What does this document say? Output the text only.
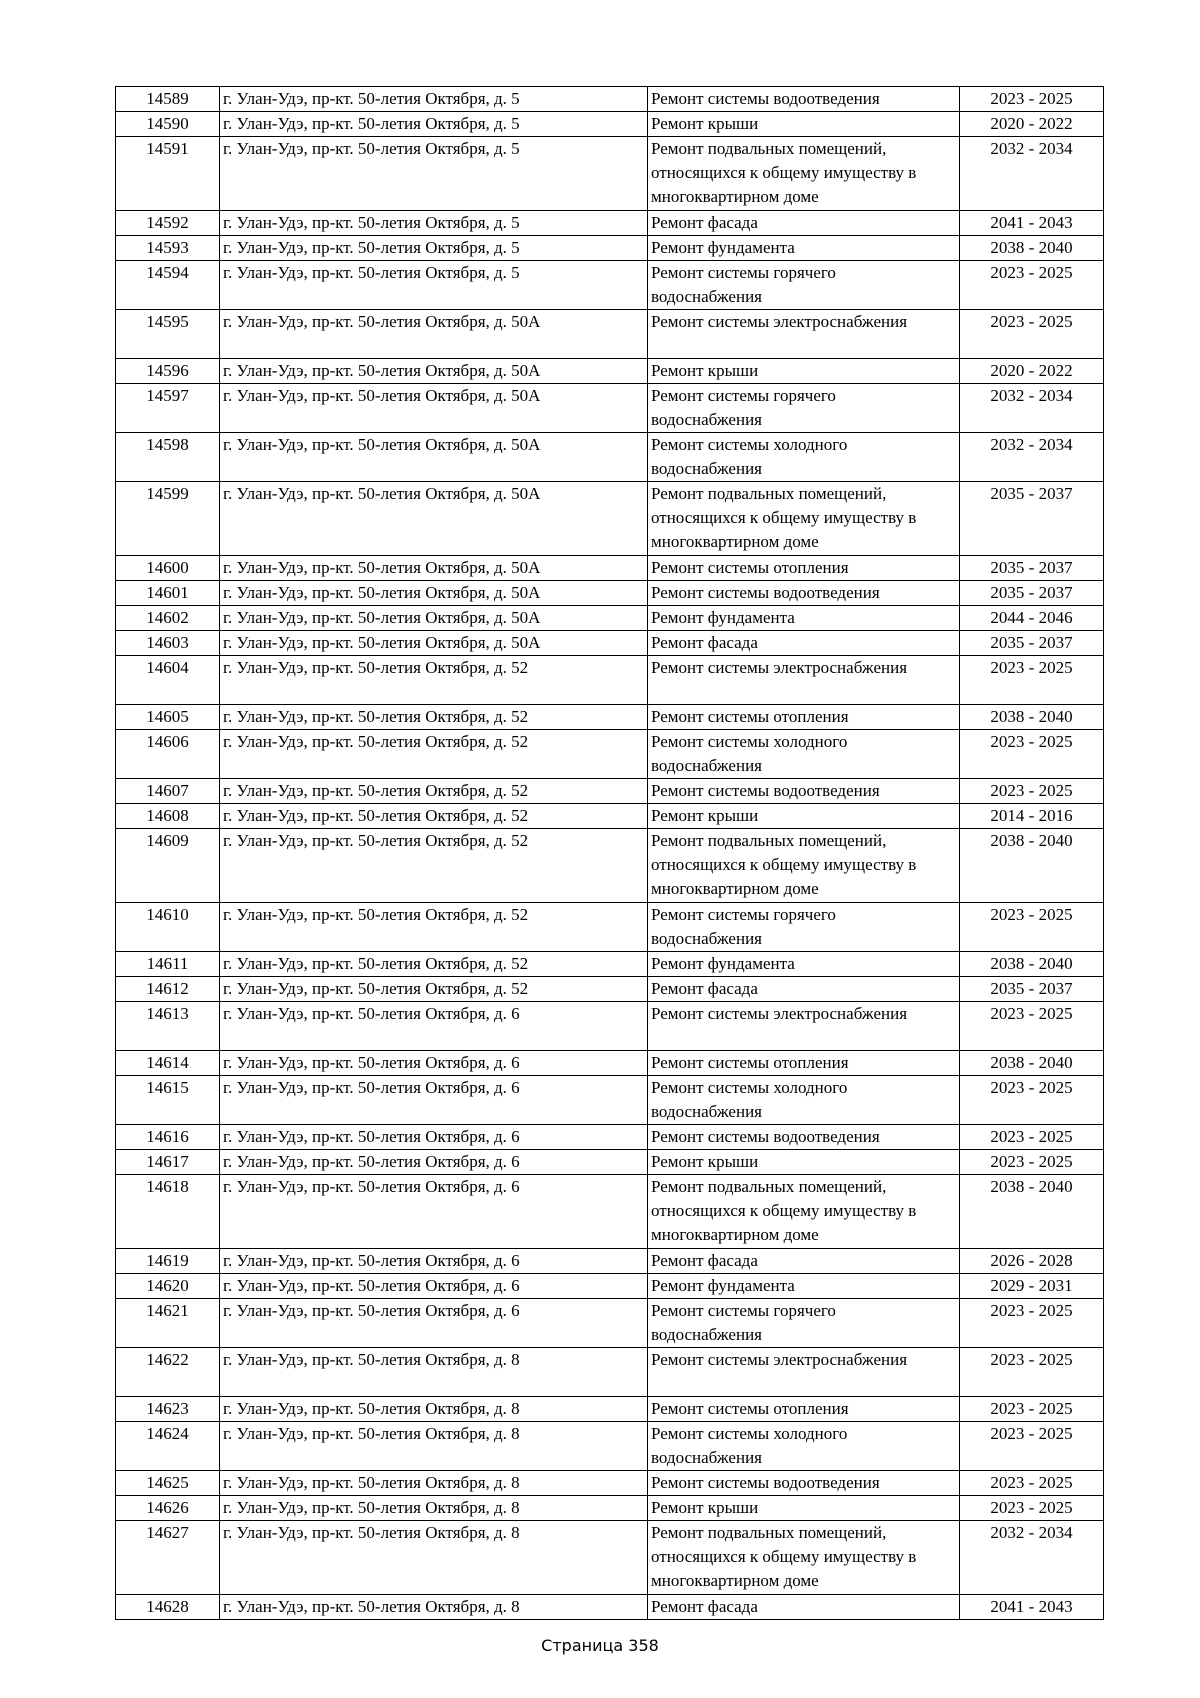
14589	г. Улан-Удэ, пр-кт. 50-летия Октября, д. 5	Ремонт системы водоотведения	2023 - 2025
14590	г. Улан-Удэ, пр-кт. 50-летия Октября, д. 5	Ремонт крыши	2020 - 2022
14591	г. Улан-Удэ, пр-кт. 50-летия Октября, д. 5	Ремонт подвальных помещений,
относящихся к общему имуществу в
многоквартирном доме	2032 - 2034
14592	г. Улан-Удэ, пр-кт. 50-летия Октября, д. 5	Ремонт фасада	2041 - 2043
14593	г. Улан-Удэ, пр-кт. 50-летия Октября, д. 5	Ремонт фундамента	2038 - 2040
14594	г. Улан-Удэ, пр-кт. 50-летия Октября, д. 5	Ремонт системы горячего
водоснабжения	2023 - 2025
14595	г. Улан-Удэ, пр-кт. 50-летия Октября, д. 50А	Ремонт системы электроснабжения	2023 - 2025
14596	г. Улан-Удэ, пр-кт. 50-летия Октября, д. 50А	Ремонт крыши	2020 - 2022
14597	г. Улан-Удэ, пр-кт. 50-летия Октября, д. 50А	Ремонт системы горячего
водоснабжения	2032 - 2034
14598	г. Улан-Удэ, пр-кт. 50-летия Октября, д. 50А	Ремонт системы холодного
водоснабжения	2032 - 2034
14599	г. Улан-Удэ, пр-кт. 50-летия Октября, д. 50А	Ремонт подвальных помещений,
относящихся к общему имуществу в
многоквартирном доме	2035 - 2037
14600	г. Улан-Удэ, пр-кт. 50-летия Октября, д. 50А	Ремонт системы отопления	2035 - 2037
14601	г. Улан-Удэ, пр-кт. 50-летия Октября, д. 50А	Ремонт системы водоотведения	2035 - 2037
14602	г. Улан-Удэ, пр-кт. 50-летия Октября, д. 50А	Ремонт фундамента	2044 - 2046
14603	г. Улан-Удэ, пр-кт. 50-летия Октября, д. 50А	Ремонт фасада	2035 - 2037
14604	г. Улан-Удэ, пр-кт. 50-летия Октября, д. 52	Ремонт системы электроснабжения	2023 - 2025
14605	г. Улан-Удэ, пр-кт. 50-летия Октября, д. 52	Ремонт системы отопления	2038 - 2040
14606	г. Улан-Удэ, пр-кт. 50-летия Октября, д. 52	Ремонт системы холодного
водоснабжения	2023 - 2025
14607	г. Улан-Удэ, пр-кт. 50-летия Октября, д. 52	Ремонт системы водоотведения	2023 - 2025
14608	г. Улан-Удэ, пр-кт. 50-летия Октября, д. 52	Ремонт крыши	2014 - 2016
14609	г. Улан-Удэ, пр-кт. 50-летия Октября, д. 52	Ремонт подвальных помещений,
относящихся к общему имуществу в
многоквартирном доме	2038 - 2040
14610	г. Улан-Удэ, пр-кт. 50-летия Октября, д. 52	Ремонт системы горячего
водоснабжения	2023 - 2025
14611	г. Улан-Удэ, пр-кт. 50-летия Октября, д. 52	Ремонт фундамента	2038 - 2040
14612	г. Улан-Удэ, пр-кт. 50-летия Октября, д. 52	Ремонт фасада	2035 - 2037
14613	г. Улан-Удэ, пр-кт. 50-летия Октября, д. 6	Ремонт системы электроснабжения	2023 - 2025
14614	г. Улан-Удэ, пр-кт. 50-летия Октября, д. 6	Ремонт системы отопления	2038 - 2040
14615	г. Улан-Удэ, пр-кт. 50-летия Октября, д. 6	Ремонт системы холодного
водоснабжения	2023 - 2025
14616	г. Улан-Удэ, пр-кт. 50-летия Октября, д. 6	Ремонт системы водоотведения	2023 - 2025
14617	г. Улан-Удэ, пр-кт. 50-летия Октября, д. 6	Ремонт крыши	2023 - 2025
14618	г. Улан-Удэ, пр-кт. 50-летия Октября, д. 6	Ремонт подвальных помещений,
относящихся к общему имуществу в
многоквартирном доме	2038 - 2040
14619	г. Улан-Удэ, пр-кт. 50-летия Октября, д. 6	Ремонт фасада	2026 - 2028
14620	г. Улан-Удэ, пр-кт. 50-летия Октября, д. 6	Ремонт фундамента	2029 - 2031
14621	г. Улан-Удэ, пр-кт. 50-летия Октября, д. 6	Ремонт системы горячего
водоснабжения	2023 - 2025
14622	г. Улан-Удэ, пр-кт. 50-летия Октября, д. 8	Ремонт системы электроснабжения	2023 - 2025
14623	г. Улан-Удэ, пр-кт. 50-летия Октября, д. 8	Ремонт системы отопления	2023 - 2025
14624	г. Улан-Удэ, пр-кт. 50-летия Октября, д. 8	Ремонт системы холодного
водоснабжения	2023 - 2025
14625	г. Улан-Удэ, пр-кт. 50-летия Октября, д. 8	Ремонт системы водоотведения	2023 - 2025
14626	г. Улан-Удэ, пр-кт. 50-летия Октября, д. 8	Ремонт крыши	2023 - 2025
14627	г. Улан-Удэ, пр-кт. 50-летия Октября, д. 8	Ремонт подвальных помещений,
относящихся к общему имуществу в
многоквартирном доме	2032 - 2034
14628	г. Улан-Удэ, пр-кт. 50-летия Октября, д. 8	Ремонт фасада	2041 - 2043
Страница 358
